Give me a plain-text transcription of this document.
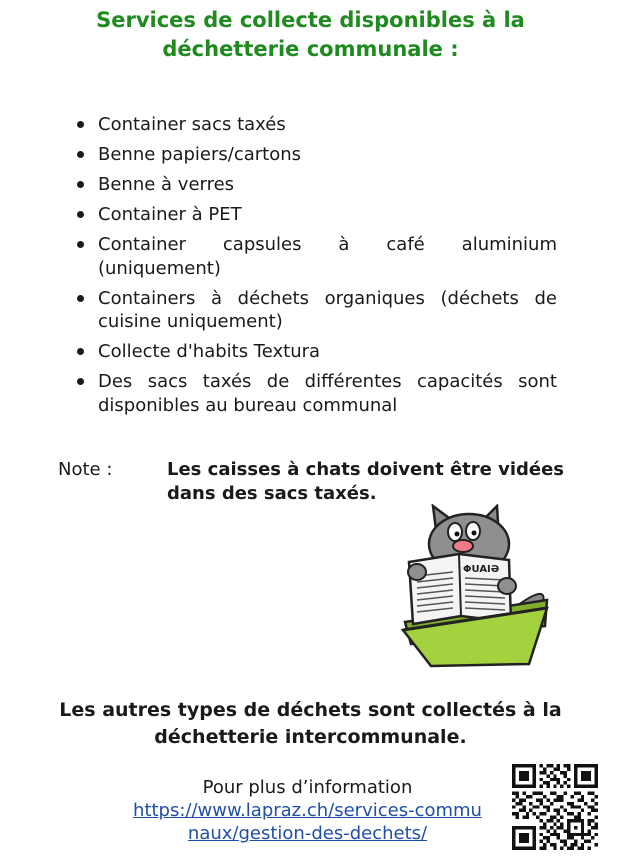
Services de collecte disponibles à la déchetterie communale :
Container sacs taxés
Benne papiers/cartons
Benne à verres
Container à PET
Container capsules à café aluminium (uniquement)
Containers à déchets organiques (déchets de cuisine uniquement)
Collecte d'habits Textura
Des sacs taxés de différentes capacités sont disponibles au bureau communal
Note :	Les caisses à chats doivent être vidées dans des sacs taxés.
ΦUAIƏ
Les autres types de déchets sont collectés à la déchetterie intercommunale.
Pour plus d’information
https://www.lapraz.ch/services-communaux/gestion-des-dechets/
